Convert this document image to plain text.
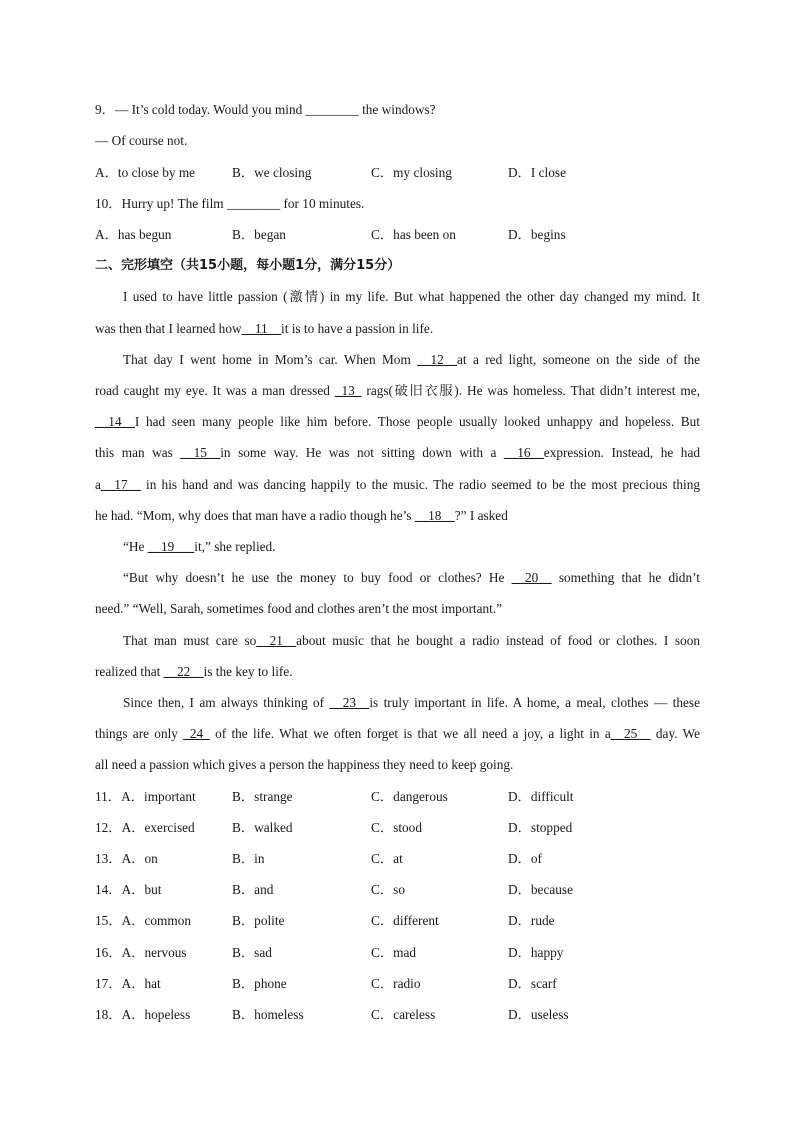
9．— It’s cold today. Would you mind ________ the windows?
— Of course not.
A．to close by me	B．we closing	C．my closing	D．I close
10．Hurry up! The film ________ for 10 minutes.
A．has begun	B．began	C．has been on	D．begins
二、完形填空（共15小题，每小题1分，满分15分）
I used to have little passion (激情) in my life. But what happened the other day changed my mind. It
was then that I learned how__11__it is to have a passion in life.
That day I went home in Mom’s car. When Mom __12__at a red light, someone on the side of the
road caught my eye. It was a man dressed _13_ rags(破旧衣服). He was homeless. That didn’t interest me,
__14__I had seen many people like him before. Those people usually looked unhappy and hopeless. But
this man was __15__in some way. He was not sitting down with a __16__expression. Instead, he had
a__17__ in his hand and was dancing happily to the music. The radio seemed to be the most precious thing
he had. “Mom, why does that man have a radio though he’s __18__?” I asked
“He __19___it,” she replied.
“But why doesn’t he use the money to buy food or clothes? He __20__ something that he didn’t
need.” “Well, Sarah, sometimes food and clothes aren’t the most important.”
That man must care so__21__about music that he bought a radio instead of food or clothes. I soon
realized that __22__is the key to life.
Since then, I am always thinking of __23__is truly important in life. A home, a meal, clothes — these
things are only _24_ of the life. What we often forget is that we all need a joy, a light in a__25__ day. We
all need a passion which gives a person the happiness they need to keep going.
11．A．important	B．strange	C．dangerous	D．difficult
12．A．exercised	B．walked	C．stood	D．stopped
13．A．on	B．in	C．at	D．of
14．A．but	B．and	C．so	D．because
15．A．common	B．polite	C．different	D．rude
16．A．nervous	B．sad	C．mad	D．happy
17．A．hat	B．phone	C．radio	D．scarf
18．A．hopeless	B．homeless	C．careless	D．useless
